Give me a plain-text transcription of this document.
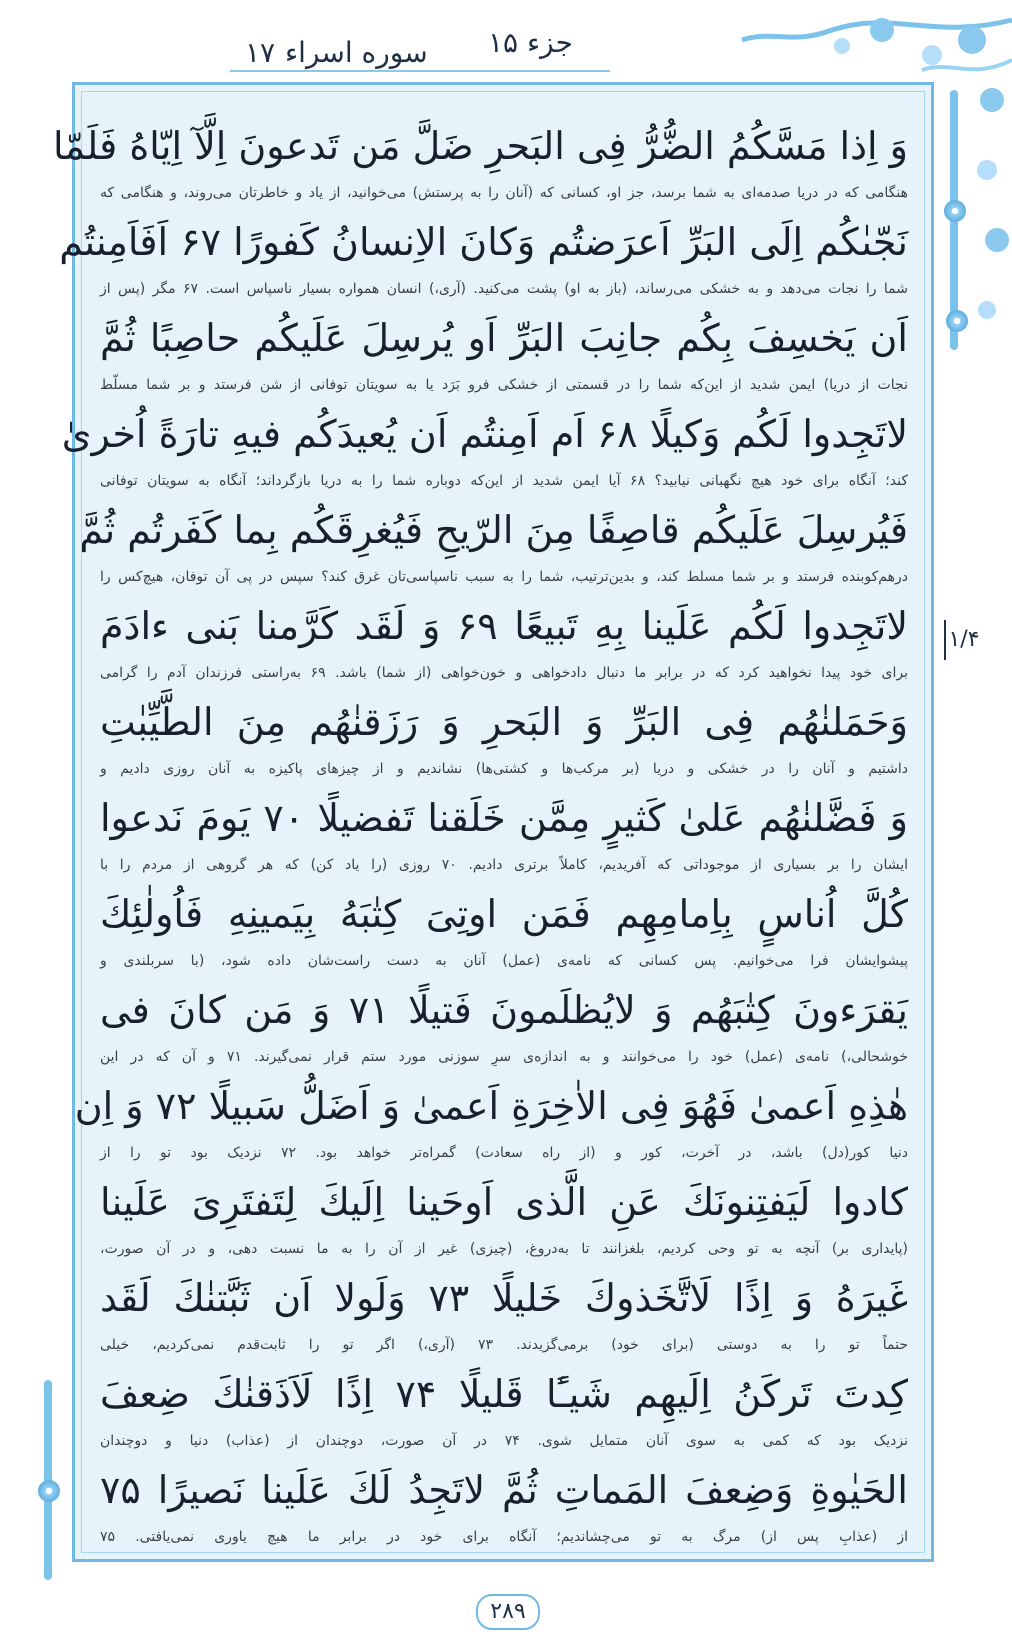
جزء ۱۵
سوره اسراء
۱۷
۱/۴
وَ اِذا مَسَّكُمُ الضُّرُّ فِى البَحرِ ضَلَّ مَن تَدعونَ اِلَّآ اِيّاهُ فَلَمّا
هنگامی که در دریا صدمه‌ای به شما برسد، جز او، کسانی که (آنان را به پرستش) می‌خوانید، از یاد و خاطرتان می‌روند، و هنگامی که
نَجّىٰكُم اِلَى البَرِّ اَعرَضتُم وَكانَ الاِنسانُ كَفورًا ۶۷ اَفَاَمِنتُم
شما را نجات می‌دهد و به خشکی می‌رساند، (باز به او) پشت می‌کنید. (آری،) انسان همواره بسیار ناسپاس است. ۶۷ مگر (پس از
اَن يَخسِفَ بِكُم جانِبَ البَرِّ اَو يُرسِلَ عَلَيكُم حاصِبًا ثُمَّ
نجات از دریا) ایمن شدید از این‌که شما را در قسمتی از خشکی فرو بَرَد یا به سویتان توفانی از شن فرستد و بر شما مسلّط
لاتَجِدوا لَكُم وَكيلًا ۶۸ اَم اَمِنتُم اَن يُعيدَكُم فيهِ تارَةً اُخرىٰ
کند؛ آنگاه برای خود هیچ نگهبانی نیابید؟ ۶۸ آیا ایمن شدید از این‌که دوباره شما را به دریا بازگرداند؛ آنگاه به سویتان توفانی
فَيُرسِلَ عَلَيكُم قاصِفًا مِنَ الرّيحِ فَيُغرِقَكُم بِما كَفَرتُم ثُمَّ
درهم‌کوبنده فرستد و بر شما مسلط کند، و بدین‌ترتیب، شما را به سبب ناسپاسی‌تان غرق کند؟ سپس در پی آن توفان، هیچ‌کس را
لاتَجِدوا لَكُم عَلَينا بِهِ تَبيعًا ۶۹ وَ لَقَد كَرَّمنا بَنى ءادَمَ
برای خود پیدا نخواهید کرد که در برابر ما دنبال دادخواهی و خون‌خواهی (از شما) باشد. ۶۹ به‌راستی فرزندان آدم را گرامی
وَحَمَلنٰهُم فِى البَرِّ وَ البَحرِ وَ رَزَقنٰهُم مِنَ الطَّيِّبٰتِ
داشتیم و آنان را در خشکی و دریا (بر مرکب‌ها و کشتی‌ها) نشاندیم و از چیزهای پاکیزه به آنان روزی دادیم و
وَ فَضَّلنٰهُم عَلىٰ كَثيرٍ مِمَّن خَلَقنا تَفضيلًا ۷۰ يَومَ نَدعوا
ایشان را بر بسیاری از موجوداتی که آفریدیم، کاملاً برتری دادیم. ۷۰ روزی (را یاد کن) که هر گروهی از مردم را با
كُلَّ اُناسٍ بِاِمامِهِم فَمَن اوتِىَ كِتٰبَهُ بِيَمينِهِ فَاُولٰئِكَ
پیشوایشان فرا می‌خوانیم. پس کسانی که نامه‌ی (عمل) آنان به دست راست‌شان داده شود، (با سربلندی و
يَقرَءونَ كِتٰبَهُم وَ لايُظلَمونَ فَتيلًا ۷۱ وَ مَن كانَ فى
خوشحالی،) نامه‌ی (عمل) خود را می‌خوانند و به اندازه‌ی سرِ سوزنی مورد ستم قرار نمی‌گیرند. ۷۱ و آن که در این
هٰذِهِ اَعمىٰ فَهُوَ فِى الاٰخِرَةِ اَعمىٰ وَ اَضَلُّ سَبيلًا ۷۲ وَ اِن
دنیا کور(دل) باشد، در آخرت، کور و (از راه سعادت) گمراه‌تر خواهد بود. ۷۲ نزدیک بود تو را از
كادوا لَيَفتِنونَكَ عَنِ الَّذى اَوحَينا اِلَيكَ لِتَفتَرِىَ عَلَينا
(پایداری بر) آنچه به تو وحی کردیم، بلغزانند تا به‌دروغ، (چیزی) غیر از آن را به ما نسبت دهی، و در آن صورت،
غَيرَهُ وَ اِذًا لَاتَّخَذوكَ خَليلًا ۷۳ وَلَولا اَن ثَبَّتنٰكَ لَقَد
حتماً تو را به دوستی (برای خود) برمی‌گزیدند. ۷۳ (آری،) اگر تو را ثابت‌قدم نمی‌کردیم، خیلی
كِدتَ تَركَنُ اِلَيهِم شَيـًٔا قَليلًا ۷۴ اِذًا لَاَذَقنٰكَ ضِعفَ
نزدیک بود که کمی به سوی آنان متمایل شوی. ۷۴ در آن صورت، دوچندان از (عذاب) دنیا و دوچندان
الحَيٰوةِ وَضِعفَ المَماتِ ثُمَّ لاتَجِدُ لَكَ عَلَينا نَصيرًا ۷۵
از (عذابِ پس از) مرگ به تو می‌چشاندیم؛ آنگاه برای خود در برابر ما هیچ یاوری نمی‌یافتی. ۷۵
۲۸۹
